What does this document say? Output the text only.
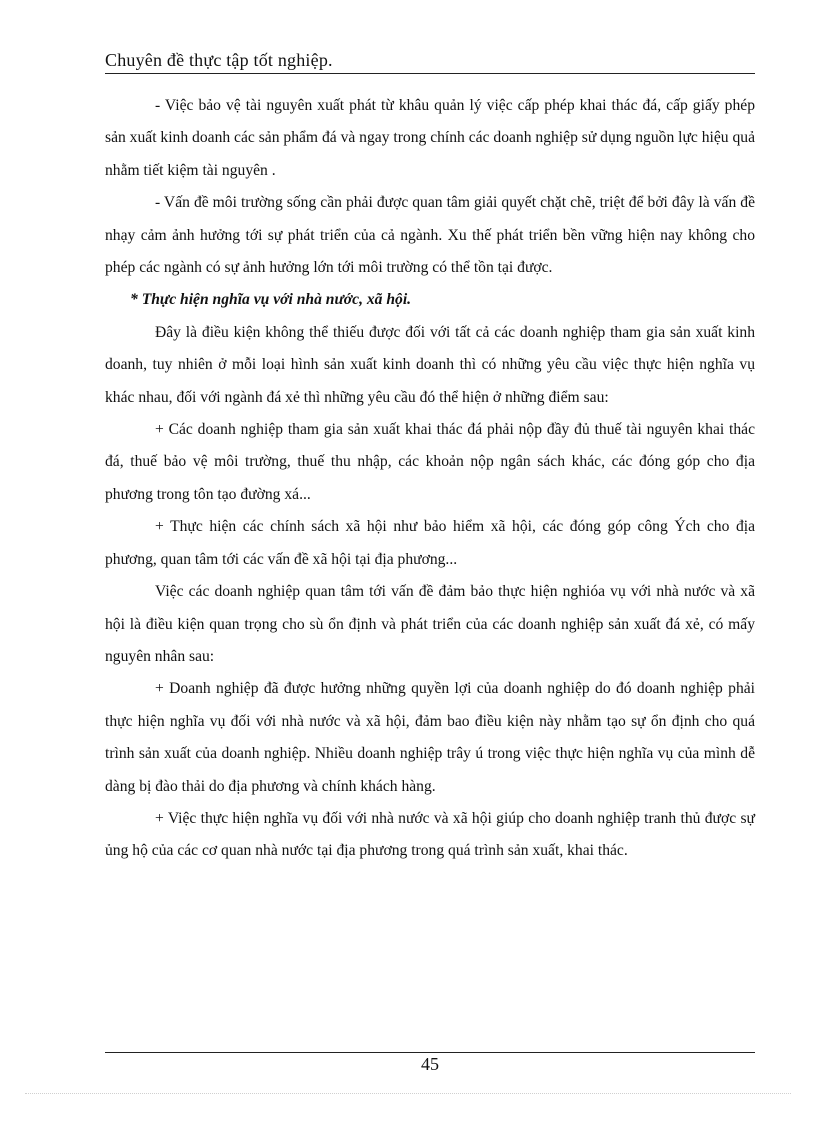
Chuyên đề thực tập tốt nghiệp.

- Việc bảo vệ tài nguyên xuất phát từ khâu quản lý việc cấp phép khai thác đá, cấp giấy phép sản xuất kinh doanh các sản phẩm đá và ngay trong chính các doanh nghiệp sử dụng nguồn lực hiệu quả nhằm tiết kiệm tài nguyên .

- Vấn đề môi trường sống cần phải được quan tâm giải quyết chặt chẽ, triệt để bởi đây là vấn đề nhạy cảm ảnh hưởng tới sự phát triển của cả ngành. Xu thế phát triển bền vững hiện nay không cho phép các ngành có sự ảnh hưởng lớn tới môi trường có thể tồn tại được.

* Thực hiện nghĩa vụ với nhà nước, xã hội.

Đây là điều kiện không thể thiếu được đối với tất cả các doanh nghiệp tham gia sản xuất kinh doanh, tuy nhiên ở mỗi loại hình sản xuất kinh doanh thì có những yêu cầu việc thực hiện nghĩa vụ khác nhau, đối với ngành đá xẻ thì những yêu cầu đó thể hiện ở những điểm sau:

+ Các doanh nghiệp tham gia sản xuất khai thác đá phải nộp đầy đủ thuế tài nguyên khai thác đá, thuế bảo vệ môi trường, thuế thu nhập, các khoản nộp ngân sách khác, các đóng góp cho địa phương trong tôn tạo đường xá...

+ Thực hiện các chính sách xã hội như bảo hiểm xã hội, các đóng góp công Ých cho địa phương, quan tâm tới các vấn đề xã hội tại địa phương...

Việc các doanh nghiệp quan tâm tới vấn đề đảm bảo thực hiện nghióa vụ với nhà nước và xã hội là điều kiện quan trọng cho sù ổn định và phát triển của các doanh nghiệp sản xuất đá xẻ, có mấy nguyên nhân sau:

+ Doanh nghiệp đã được hưởng những quyền lợi của doanh nghiệp do đó doanh nghiệp phải thực hiện nghĩa vụ đối với nhà nước và xã hội, đảm bao điều kiện này nhằm tạo sự ổn định cho quá trình sản xuất của doanh nghiệp. Nhiều doanh nghiệp trây ú trong việc thực hiện nghĩa vụ của mình dễ dàng bị đào thải do địa phương và chính khách hàng.

+ Việc thực hiện nghĩa vụ đối với nhà nước và xã hội giúp cho doanh nghiệp tranh thủ được sự ủng hộ của các cơ quan nhà nước tại địa phương trong quá trình sản xuất, khai thác.

45
